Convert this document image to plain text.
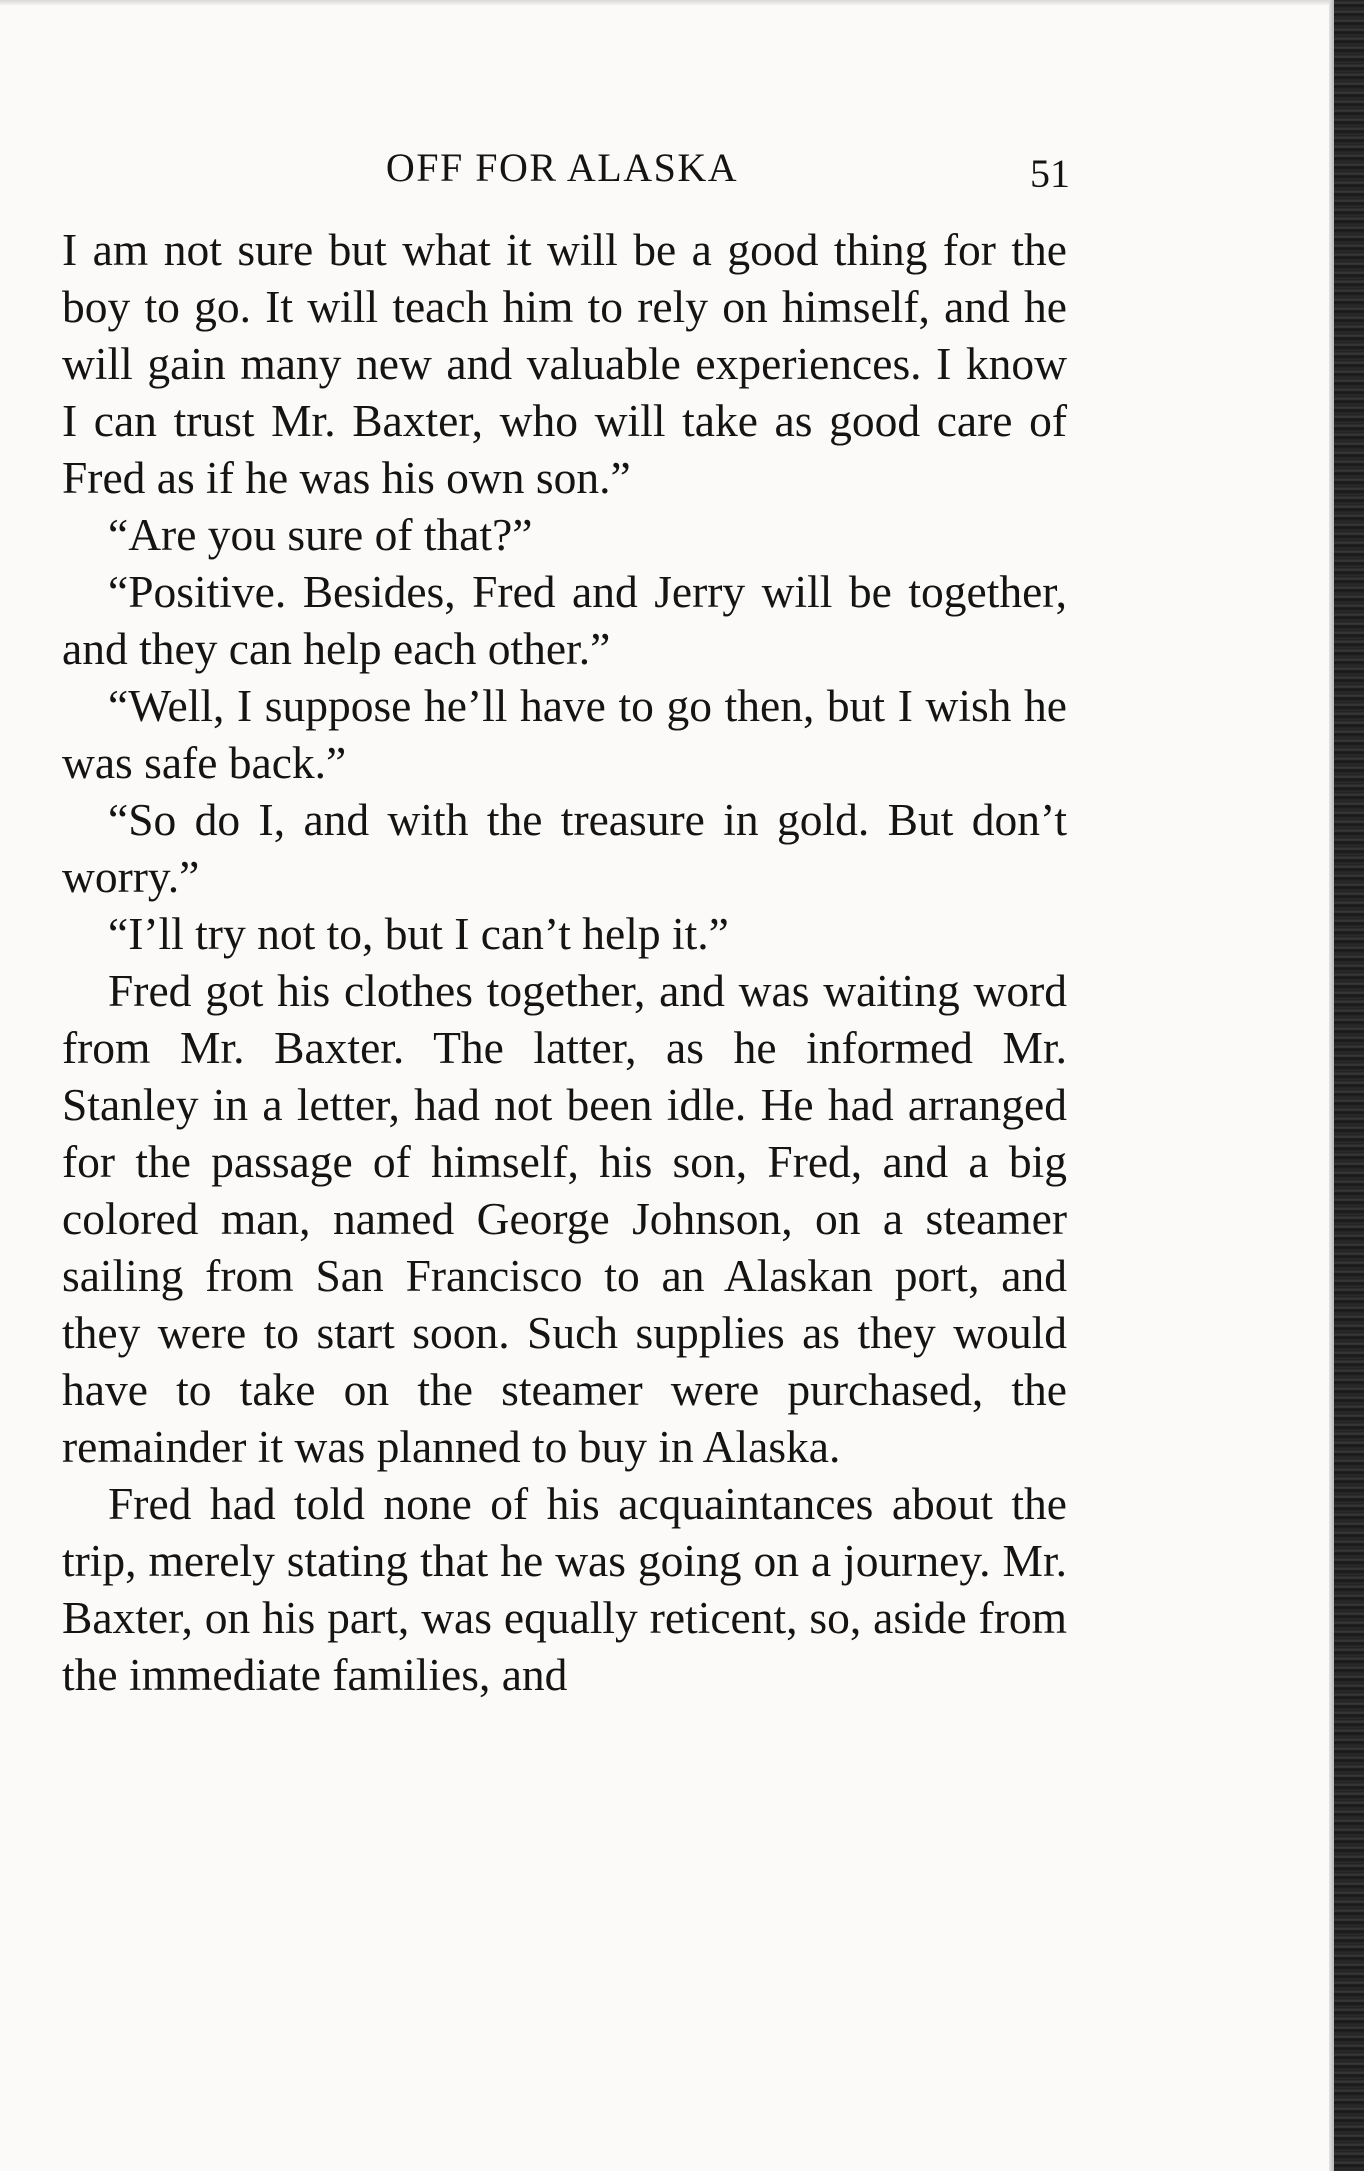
OFF FOR ALASKA	51

I am not sure but what it will be a good thing for the boy to go. It will teach him to rely on himself, and he will gain many new and valuable experiences. I know I can trust Mr. Baxter, who will take as good care of Fred as if he was his own son.”

“Are you sure of that?”

“Positive. Besides, Fred and Jerry will be together, and they can help each other.”

“Well, I suppose he’ll have to go then, but I wish he was safe back.”

“So do I, and with the treasure in gold. But don’t worry.”

“I’ll try not to, but I can’t help it.”

Fred got his clothes together, and was waiting word from Mr. Baxter. The latter, as he informed Mr. Stanley in a letter, had not been idle. He had arranged for the passage of himself, his son, Fred, and a big colored man, named George Johnson, on a steamer sailing from San Francisco to an Alaskan port, and they were to start soon. Such supplies as they would have to take on the steamer were purchased, the remainder it was planned to buy in Alaska.

Fred had told none of his acquaintances about the trip, merely stating that he was going on a journey. Mr. Baxter, on his part, was equally reticent, so, aside from the immediate families, and
